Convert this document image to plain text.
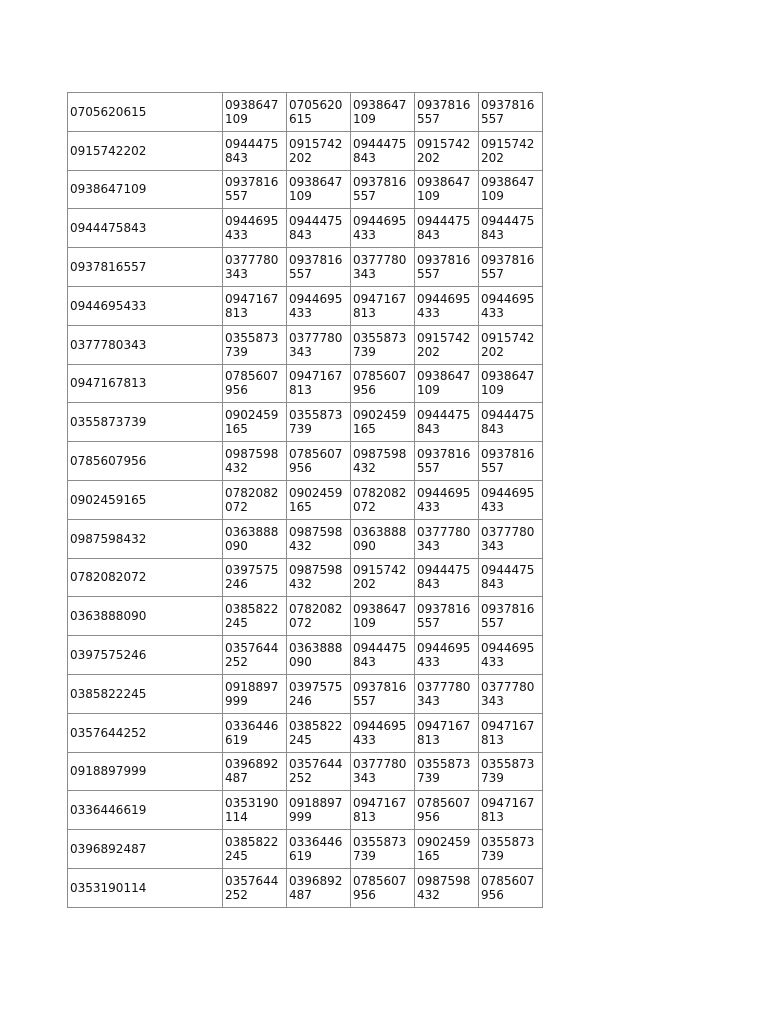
0705620615	0938647109	0705620615	0938647109	0937816557	0937816557
0915742202	0944475843	0915742202	0944475843	0915742202	0915742202
0938647109	0937816557	0938647109	0937816557	0938647109	0938647109
0944475843	0944695433	0944475843	0944695433	0944475843	0944475843
0937816557	0377780343	0937816557	0377780343	0937816557	0937816557
0944695433	0947167813	0944695433	0947167813	0944695433	0944695433
0377780343	0355873739	0377780343	0355873739	0915742202	0915742202
0947167813	0785607956	0947167813	0785607956	0938647109	0938647109
0355873739	0902459165	0355873739	0902459165	0944475843	0944475843
0785607956	0987598432	0785607956	0987598432	0937816557	0937816557
0902459165	0782082072	0902459165	0782082072	0944695433	0944695433
0987598432	0363888090	0987598432	0363888090	0377780343	0377780343
0782082072	0397575246	0987598432	0915742202	0944475843	0944475843
0363888090	0385822245	0782082072	0938647109	0937816557	0937816557
0397575246	0357644252	0363888090	0944475843	0944695433	0944695433
0385822245	0918897999	0397575246	0937816557	0377780343	0377780343
0357644252	0336446619	0385822245	0944695433	0947167813	0947167813
0918897999	0396892487	0357644252	0377780343	0355873739	0355873739
0336446619	0353190114	0918897999	0947167813	0785607956	0947167813
0396892487	0385822245	0336446619	0355873739	0902459165	0355873739
0353190114	0357644252	0396892487	0785607956	0987598432	0785607956
